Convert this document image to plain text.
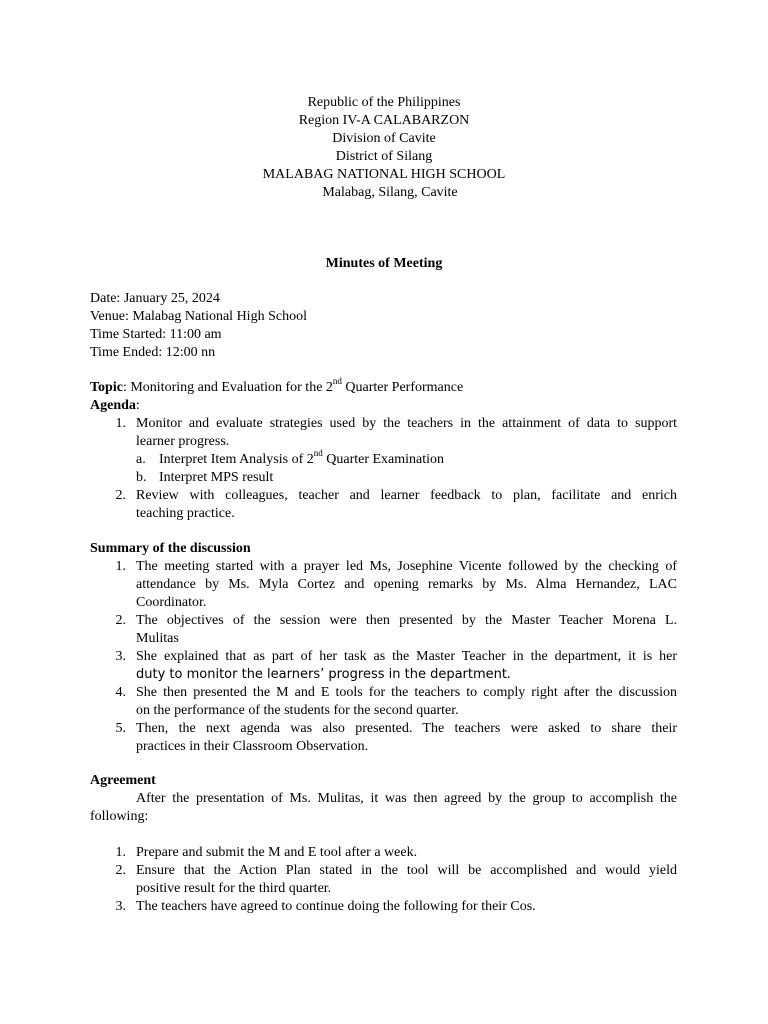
Republic of the Philippines
Region IV-A CALABARZON
Division of Cavite
District of Silang
MALABAG NATIONAL HIGH SCHOOL
Malabag, Silang, Cavite
Minutes of Meeting
Date: January 25, 2024
Venue: Malabag National High School
Time Started: 11:00 am
Time Ended: 12:00 nn
Topic: Monitoring and Evaluation for the 2nd Quarter Performance
Agenda:
1. Monitor and evaluate strategies used by the teachers in the attainment of data to support
learner progress.
a. Interpret Item Analysis of 2nd Quarter Examination
b. Interpret MPS result
2. Review with colleagues, teacher and learner feedback to plan, facilitate and enrich
teaching practice.
Summary of the discussion
1. The meeting started with a prayer led Ms, Josephine Vicente followed by the checking of
attendance by Ms. Myla Cortez and opening remarks by Ms. Alma Hernandez, LAC
Coordinator.
2. The objectives of the session were then presented by the Master Teacher Morena L.
Mulitas
3. She explained that as part of her task as the Master Teacher in the department, it is her
duty to monitor the learners’ progress in the department.
4. She then presented the M and E tools for the teachers to comply right after the discussion
on the performance of the students for the second quarter.
5. Then, the next agenda was also presented. The teachers were asked to share their
practices in their Classroom Observation.
Agreement
After the presentation of Ms. Mulitas, it was then agreed by the group to accomplish the
following:
1. Prepare and submit the M and E tool after a week.
2. Ensure that the Action Plan stated in the tool will be accomplished and would yield
positive result for the third quarter.
3. The teachers have agreed to continue doing the following for their Cos.
